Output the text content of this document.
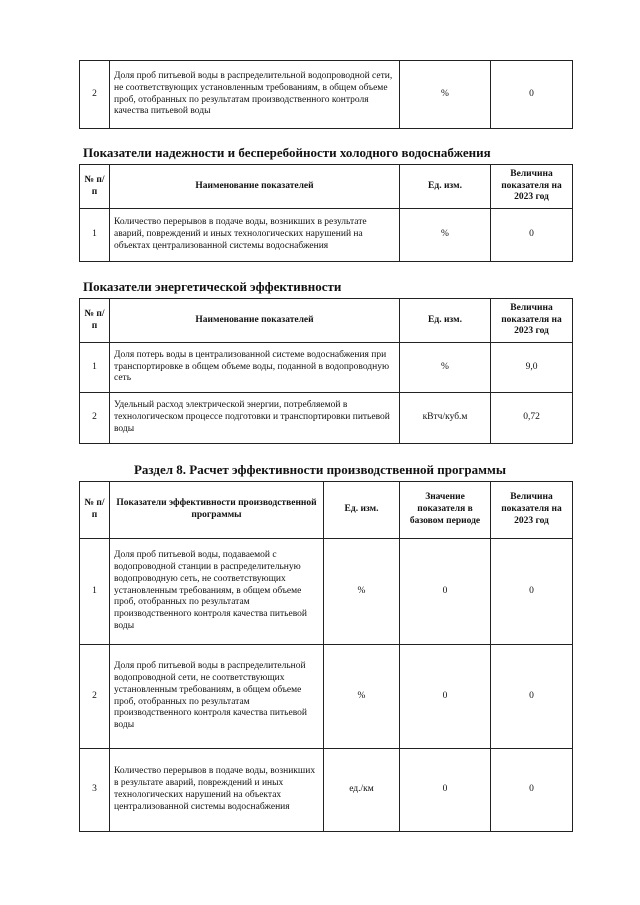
2	Доля проб питьевой воды в распределительной водопроводной сети, не соответствующих установленным требованиям, в общем объеме проб, отобранных по результатам производственного контроля качества питьевой воды	%	0
Показатели надежности и бесперебойности холодного водоснабжения
№ п/п	Наименование показателей	Ед. изм.	Величина показателя на 2023 год
1	Количество перерывов в подаче воды, возникших в результате аварий, повреждений и иных технологических нарушений на объектах централизованной системы водоснабжения	%	0
Показатели энергетической эффективности
№ п/п	Наименование показателей	Ед. изм.	Величина показателя на 2023 год
1	Доля потерь воды в централизованной системе водоснабжения при транспортировке в общем объеме воды, поданной в водопроводную сеть	%	9,0
2	Удельный расход электрической энергии, потребляемой в технологическом процессе подготовки и транспортировки питьевой воды	кВтч/куб.м	0,72
Раздел 8. Расчет эффективности производственной программы
№ п/п	Показатели эффективности производственной программы	Ед. изм.	Значение показателя в базовом периоде	Величина показателя на 2023 год
1	Доля проб питьевой воды, подаваемой с водопроводной станции в распределительную водопроводную сеть, не соответствующих установленным требованиям, в общем объеме проб, отобранных по результатам производственного контроля качества питьевой воды	%	0	0
2	Доля проб питьевой воды в распределительной водопроводной сети, не соответствующих установленным требованиям, в общем объеме проб, отобранных по результатам производственного контроля качества питьевой воды	%	0	0
3	Количество перерывов в подаче воды, возникших в результате аварий, повреждений и иных технологических нарушений на объектах централизованной системы водоснабжения	ед./км	0	0
